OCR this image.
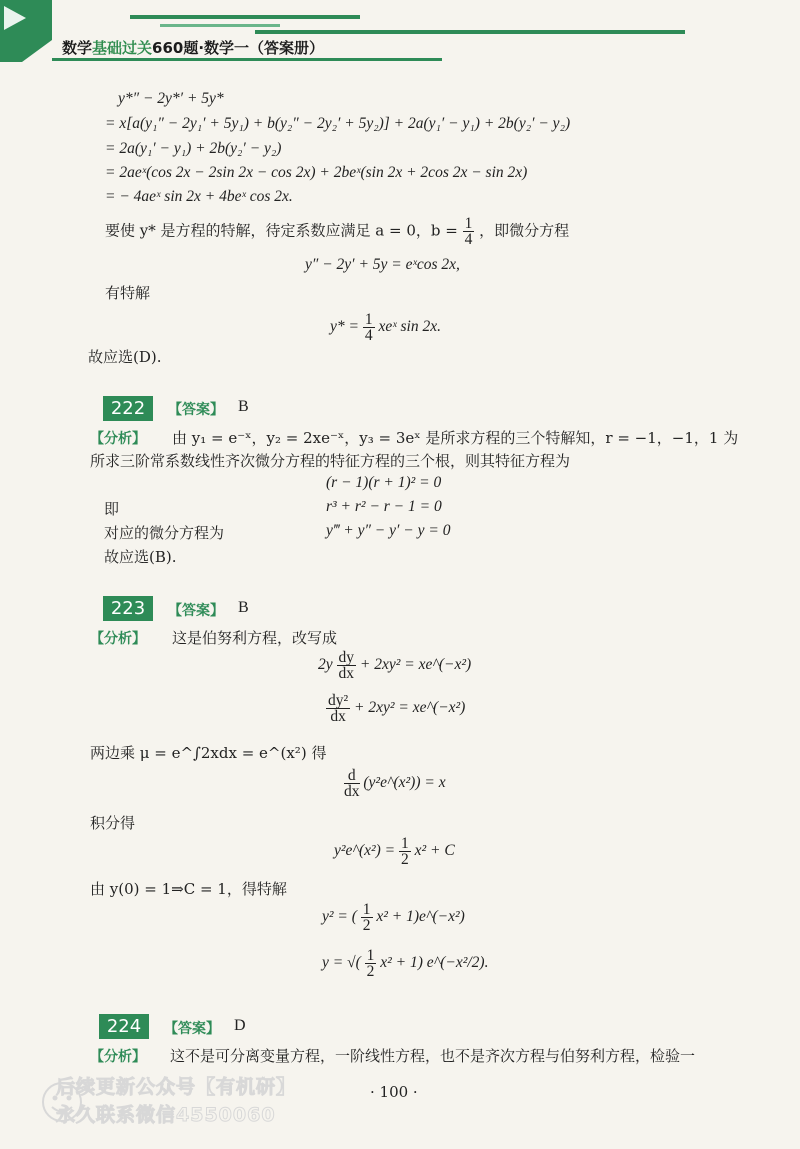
数学基础过关660题·数学一（答案册）
y*″ − 2y*′ + 5y*
= x[a(y₁″ − 2y₁′ + 5y₁) + b(y₂″ − 2y₂′ + 5y₂)] + 2a(y₁′ − y₁) + 2b(y₂′ − y₂)
= 2a(y₁′ − y₁) + 2b(y₂′ − y₂)
= 2aeˣ(cos 2x − 2sin 2x − cos 2x) + 2beˣ(sin 2x + 2cos 2x − sin 2x)
= − 4aeˣ sin 2x + 4beˣ cos 2x.
要使 y* 是方程的特解，待定系数应满足 a = 0，$b = \frac{1}{4}$ ，即微分方程
y″ − 2y′ + 5y = eˣcos 2x,
有特解
$y* = \frac{1}{4}$ xeˣ sin 2x.
故应选(D).
222	【答案】 B
【分析】 由 y₁ = e⁻ˣ，y₂ = 2xe⁻ˣ，y₃ = 3eˣ 是所求方程的三个特解知，r = −1，−1，1 为
所求三阶常系数线性齐次微分方程的特征方程的三个根，则其特征方程为
(r − 1)(r + 1)² = 0
即	r³ + r² − r − 1 = 0
对应的微分方程为	y‴ + y″ − y′ − y = 0
故应选(B).
223	【答案】 B
【分析】 这是伯努利方程，改写成
$2y \frac{dy}{dx} + 2xy^2$ = xe^(−x²)
$\frac{\text{dy²}}{dx} + 2xy^2$ = xe^(−x²)
两边乘 μ = e^∫2xdx = e^(x²) 得
$\frac{d}{dx}$ (y²e^(x²)) = x
积分得
y²e^(x²) = $\frac{1}{2} x^2 + C$
由 y(0) = 1⇒C = 1，得特解
y² = ( $\frac{1}{2} x^2$ + 1)e^(−x²)
y = √( $\frac{1}{2} x^2 + 1$) e^(−x²/2).
224	【答案】 D
【分析】 这不是可分离变量方程，一阶线性方程，也不是齐次方程与伯努利方程，检验一
后续更新公众号【有机研】
永久联系微信4550060
· 100 ·
